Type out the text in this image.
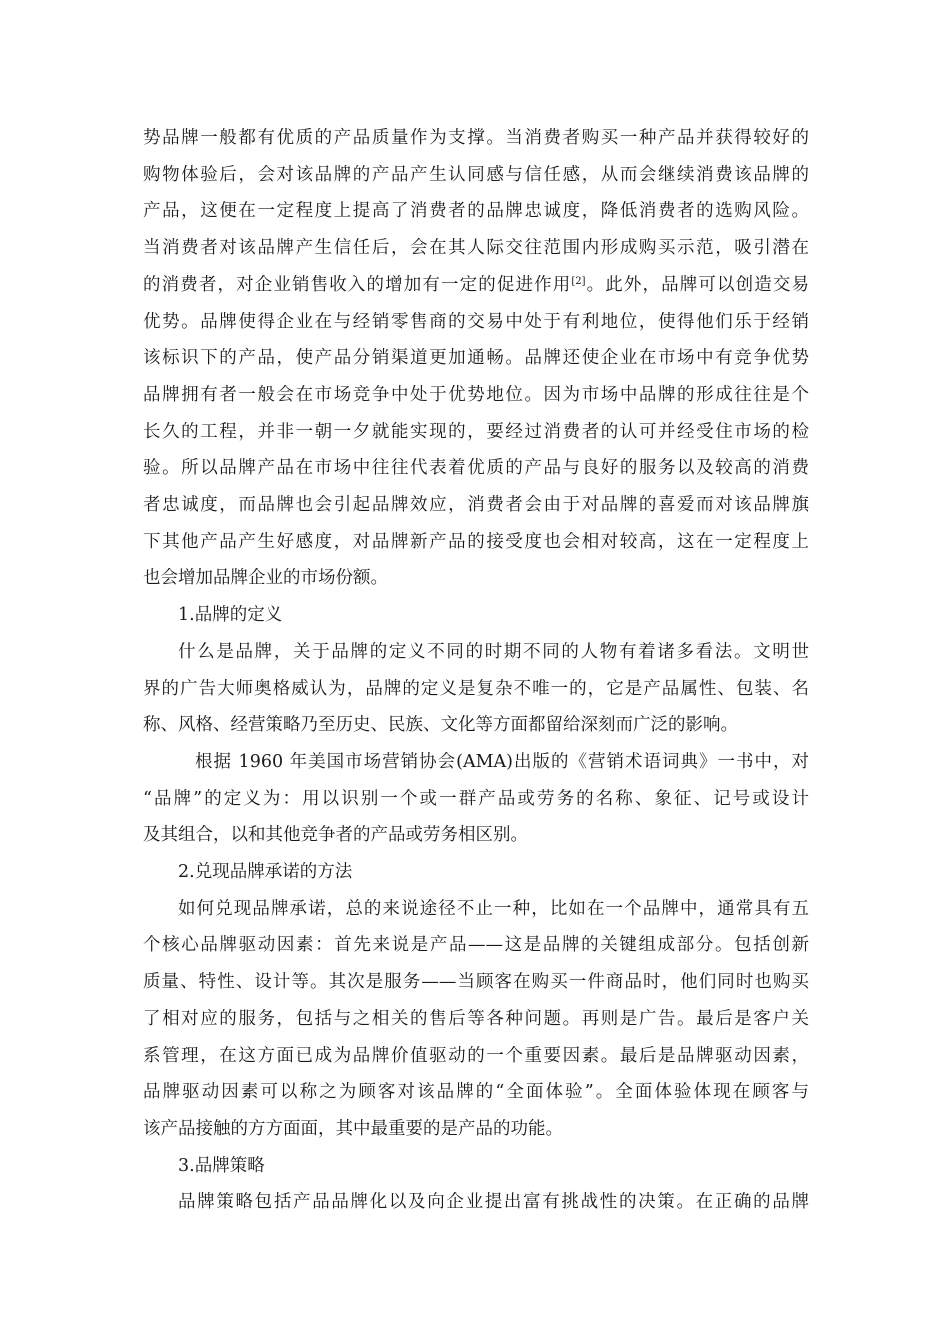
势品牌一般都有优质的产品质量作为支撑。当消费者购买一种产品并获得较好的
购物体验后，会对该品牌的产品产生认同感与信任感，从而会继续消费该品牌的
产品，这便在一定程度上提高了消费者的品牌忠诚度，降低消费者的选购风险。
当消费者对该品牌产生信任后，会在其人际交往范围内形成购买示范，吸引潜在
的消费者，对企业销售收入的增加有一定的促进作用[2]。此外，品牌可以创造交易
优势。品牌使得企业在与经销零售商的交易中处于有利地位，使得他们乐于经销
该标识下的产品，使产品分销渠道更加通畅。品牌还使企业在市场中有竞争优势
品牌拥有者一般会在市场竞争中处于优势地位。因为市场中品牌的形成往往是个
长久的工程，并非一朝一夕就能实现的，要经过消费者的认可并经受住市场的检
验。所以品牌产品在市场中往往代表着优质的产品与良好的服务以及较高的消费
者忠诚度，而品牌也会引起品牌效应，消费者会由于对品牌的喜爱而对该品牌旗
下其他产品产生好感度，对品牌新产品的接受度也会相对较高，这在一定程度上
也会增加品牌企业的市场份额。
1.品牌的定义
什么是品牌，关于品牌的定义不同的时期不同的人物有着诸多看法。文明世
界的广告大师奥格威认为，品牌的定义是复杂不唯一的，它是产品属性、包装、名
称、风格、经营策略乃至历史、民族、文化等方面都留给深刻而广泛的影响。
根据 1960 年美国市场营销协会(AMA)出版的《营销术语词典》一书中，对
“品牌”的定义为：用以识别一个或一群产品或劳务的名称、象征、记号或设计
及其组合，以和其他竞争者的产品或劳务相区别。
2.兑现品牌承诺的方法
如何兑现品牌承诺，总的来说途径不止一种，比如在一个品牌中，通常具有五
个核心品牌驱动因素：首先来说是产品——这是品牌的关键组成部分。包括创新
质量、特性、设计等。其次是服务——当顾客在购买一件商品时，他们同时也购买
了相对应的服务，包括与之相关的售后等各种问题。再则是广告。最后是客户关
系管理，在这方面已成为品牌价值驱动的一个重要因素。最后是品牌驱动因素，
品牌驱动因素可以称之为顾客对该品牌的“全面体验”。全面体验体现在顾客与
该产品接触的方方面面，其中最重要的是产品的功能。
3.品牌策略
品牌策略包括产品品牌化以及向企业提出富有挑战性的决策。在正确的品牌
